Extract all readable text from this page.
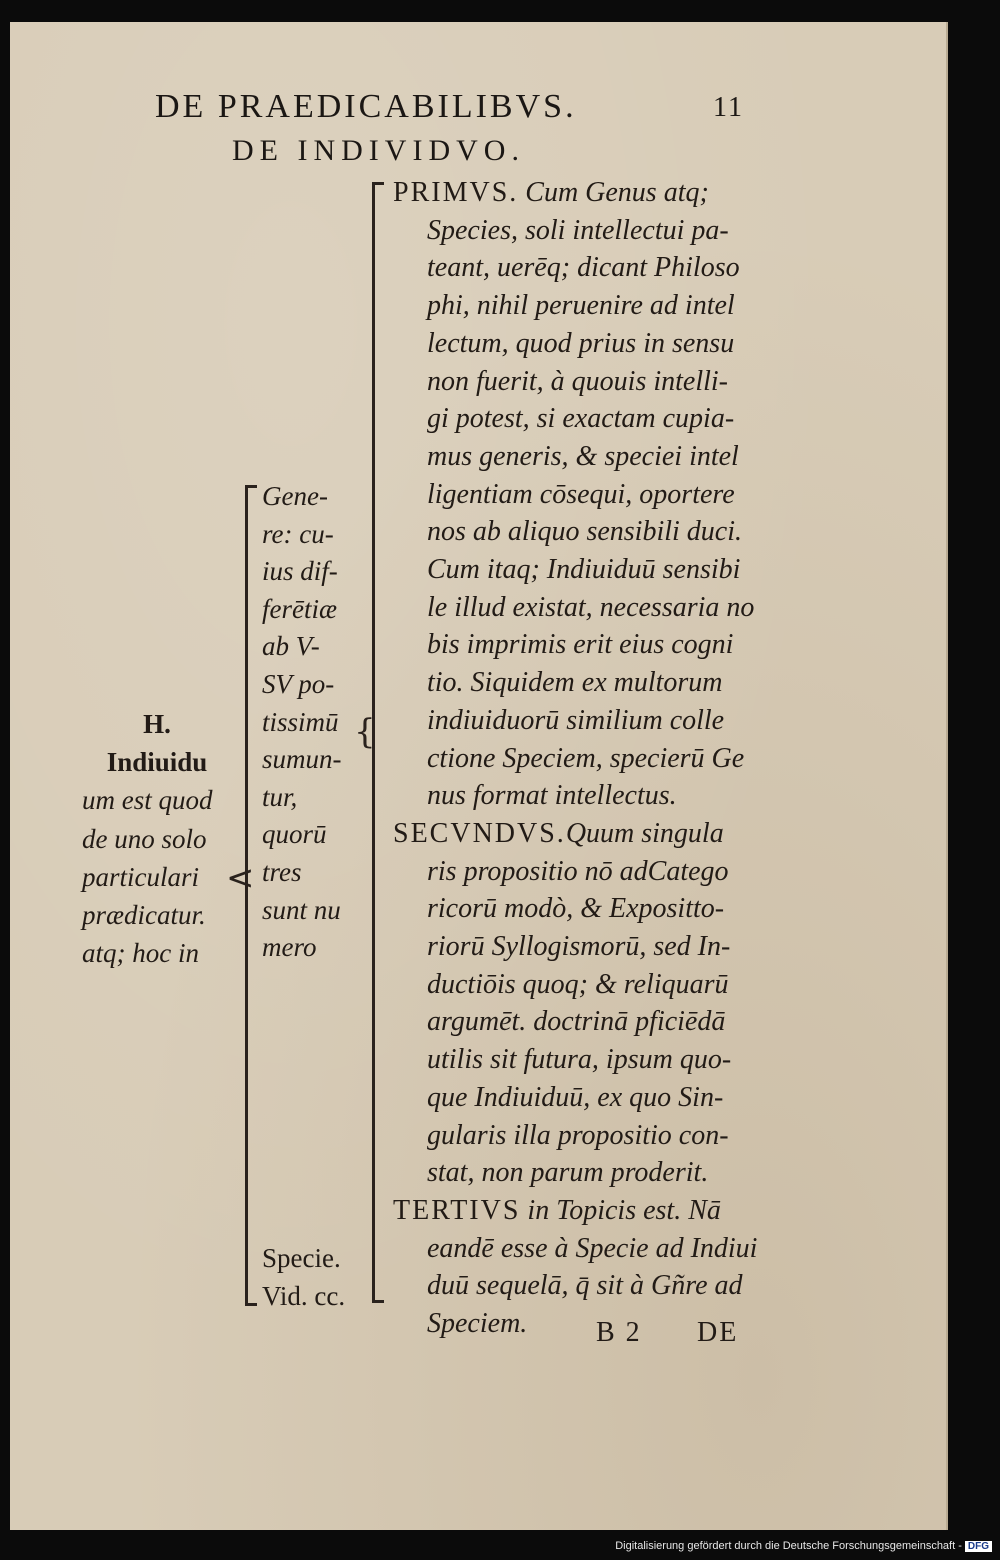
DE PRAEDICABILIBVS.	11
DE INDIVIDVO.
{
<
PRIMVS. Cum Genus atq;
Species, soli intellectui pa-
teant, uerēq; dicant Philoso
phi, nihil peruenire ad intel
lectum, quod prius in sensu
non fuerit, à quouis intelli-
gi potest, si exactam cupia-
mus generis, & speciei intel
ligentiam cōsequi, oportere
nos ab aliquo sensibili duci.
Cum itaq; Indiuiduū sensibi
le illud existat, necessaria no
bis imprimis erit eius cogni
tio. Siquidem ex multorum
indiuiduorū similium colle
ctione Speciem, specierū Ge
nus format intellectus.
SECVNDVS.Quum singula
ris propositio nō adCatego
ricorū modò, & Expositto-
riorū Syllogismorū, sed In-
ductiōis quoq; & reliquarū
argumēt. doctrinā pficiēdā
utilis sit futura, ipsum quo-
que Indiuiduū, ex quo Sin-
gularis illa propositio con-
stat, non parum proderit.
TERTIVS in Topicis est. Nā
eandē esse à Specie ad Indiui
duū sequelā, q̄ sit à Gñre ad
Speciem.
Gene-
re: cu-
ius dif-
ferētiæ
ab V-
SV po-
tissimū
sumun-
tur,
quorū
tres
sunt nu
mero
Specie.
Vid. cc.
H.
Indiuidu
um est quod
de uno solo
particulari
prædicatur.
atq; hoc in
B 2 DE
Digitalisierung gefördert durch die Deutsche Forschungsgemeinschaft - DFG
